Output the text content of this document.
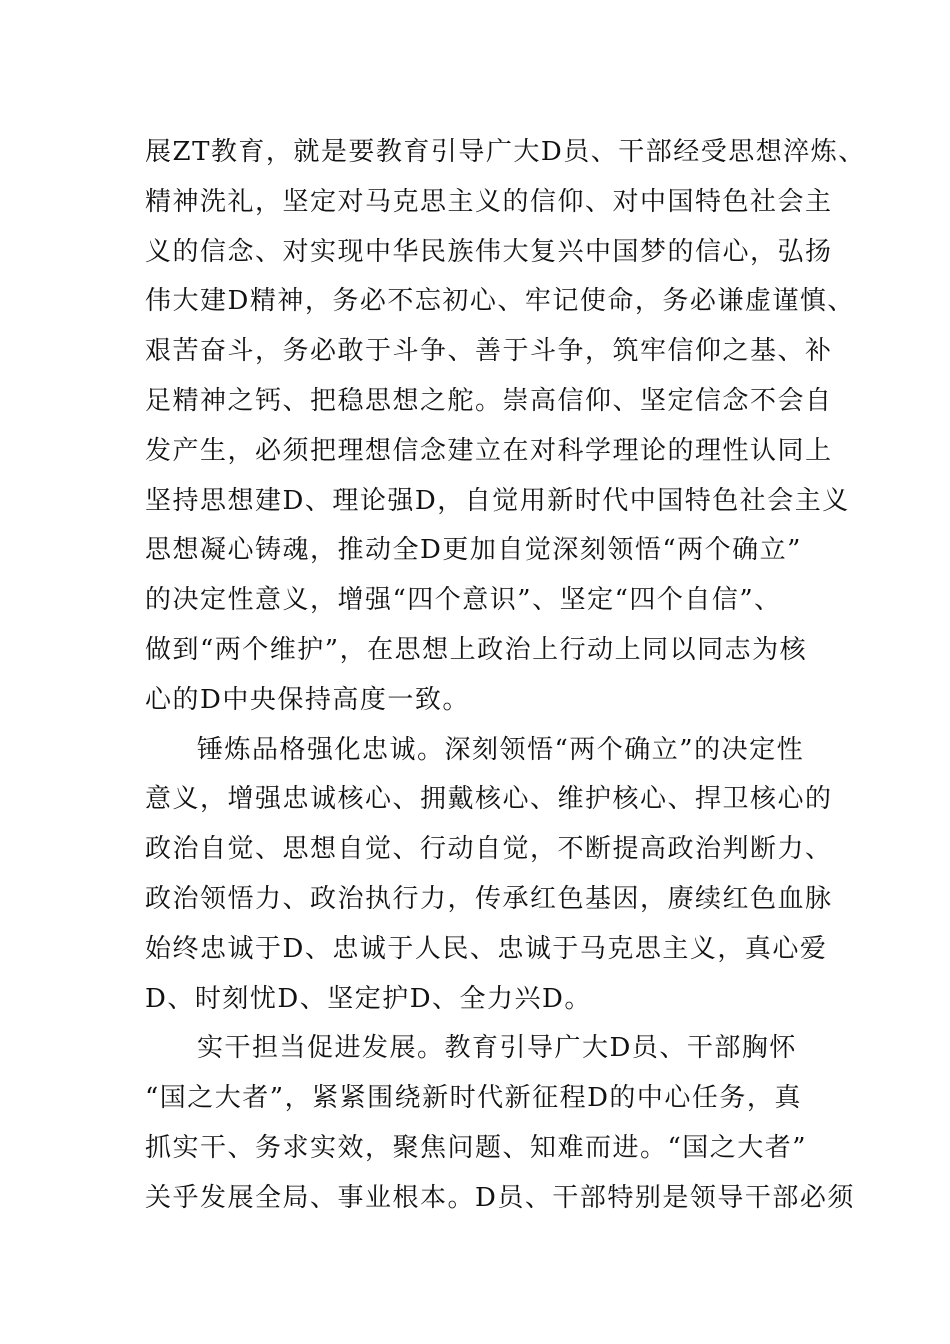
展ZT教育，就是要教育引导广大D员、干部经受思想淬炼、
精神洗礼，坚定对马克思主义的信仰、对中国特色社会主
义的信念、对实现中华民族伟大复兴中国梦的信心，弘扬
伟大建D精神，务必不忘初心、牢记使命，务必谦虚谨慎、
艰苦奋斗，务必敢于斗争、善于斗争，筑牢信仰之基、补
足精神之钙、把稳思想之舵。崇高信仰、坚定信念不会自
发产生，必须把理想信念建立在对科学理论的理性认同上
坚持思想建D、理论强D，自觉用新时代中国特色社会主义
思想凝心铸魂，推动全D更加自觉深刻领悟“两个确立”
的决定性意义，增强“四个意识”、坚定“四个自信”、
做到“两个维护”，在思想上政治上行动上同以同志为核
心的D中央保持高度一致。
锤炼品格强化忠诚。深刻领悟“两个确立”的决定性
意义，增强忠诚核心、拥戴核心、维护核心、捍卫核心的
政治自觉、思想自觉、行动自觉，不断提高政治判断力、
政治领悟力、政治执行力，传承红色基因，赓续红色血脉
始终忠诚于D、忠诚于人民、忠诚于马克思主义，真心爱
D、时刻忧D、坚定护D、全力兴D。
实干担当促进发展。教育引导广大D员、干部胸怀
“国之大者”，紧紧围绕新时代新征程D的中心任务，真
抓实干、务求实效，聚焦问题、知难而进。“国之大者”
关乎发展全局、事业根本。D员、干部特别是领导干部必须
